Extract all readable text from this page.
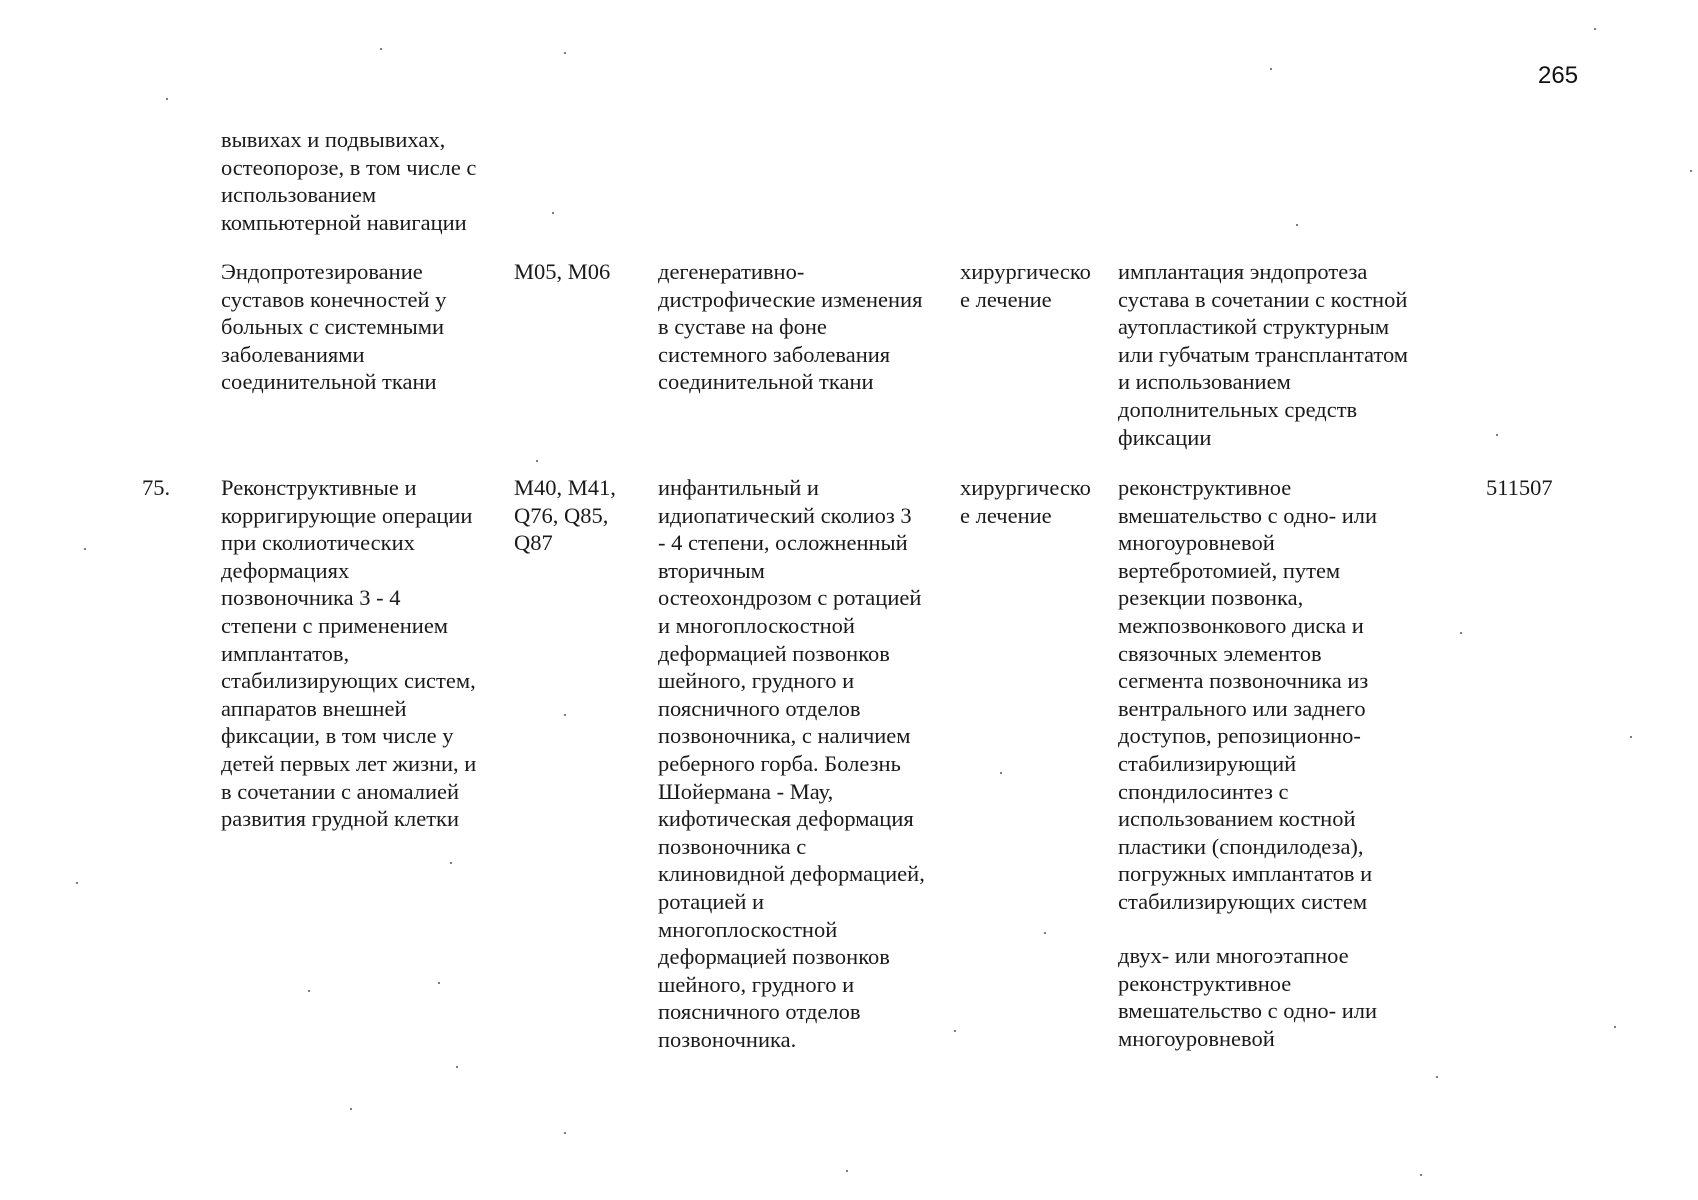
265
вывихах и подвывихах,
остеопорозе, в том числе с
использованием
компьютерной навигации
Эндопротезирование
суставов конечностей у
больных с системными
заболеваниями
соединительной ткани
M05, M06	дегенеративно-
дистрофические изменения
в суставе на фоне
системного заболевания
соединительной ткани
хирургическо
е лечение
имплантация эндопротеза
сустава в сочетании с костной
аутопластикой структурным
или губчатым трансплантатом
и использованием
дополнительных средств
фиксации
75.	Реконструктивные и
корригирующие операции
при сколиотических
деформациях
позвоночника 3 - 4
степени с применением
имплантатов,
стабилизирующих систем,
аппаратов внешней
фиксации, в том числе у
детей первых лет жизни, и
в сочетании с аномалией
развития грудной клетки
M40, M41,
Q76, Q85,
Q87
инфантильный и
идиопатический сколиоз 3
- 4 степени, осложненный
вторичным
остеохондрозом с ротацией
и многоплоскостной
деформацией позвонков
шейного, грудного и
поясничного отделов
позвоночника, с наличием
реберного горба. Болезнь
Шойермана - Мау,
кифотическая деформация
позвоночника с
клиновидной деформацией,
ротацией и
многоплоскостной
деформацией позвонков
шейного, грудного и
поясничного отделов
позвоночника.
хирургическо
е лечение
реконструктивное
вмешательство с одно- или
многоуровневой
вертебротомией, путем
резекции позвонка,
межпозвонкового диска и
связочных элементов
сегмента позвоночника из
вентрального или заднего
доступов, репозиционно-
стабилизирующий
спондилосинтез с
использованием костной
пластики (спондилодеза),
погружных имплантатов и
стабилизирующих систем
двух- или многоэтапное
реконструктивное
вмешательство с одно- или
многоуровневой
511507
